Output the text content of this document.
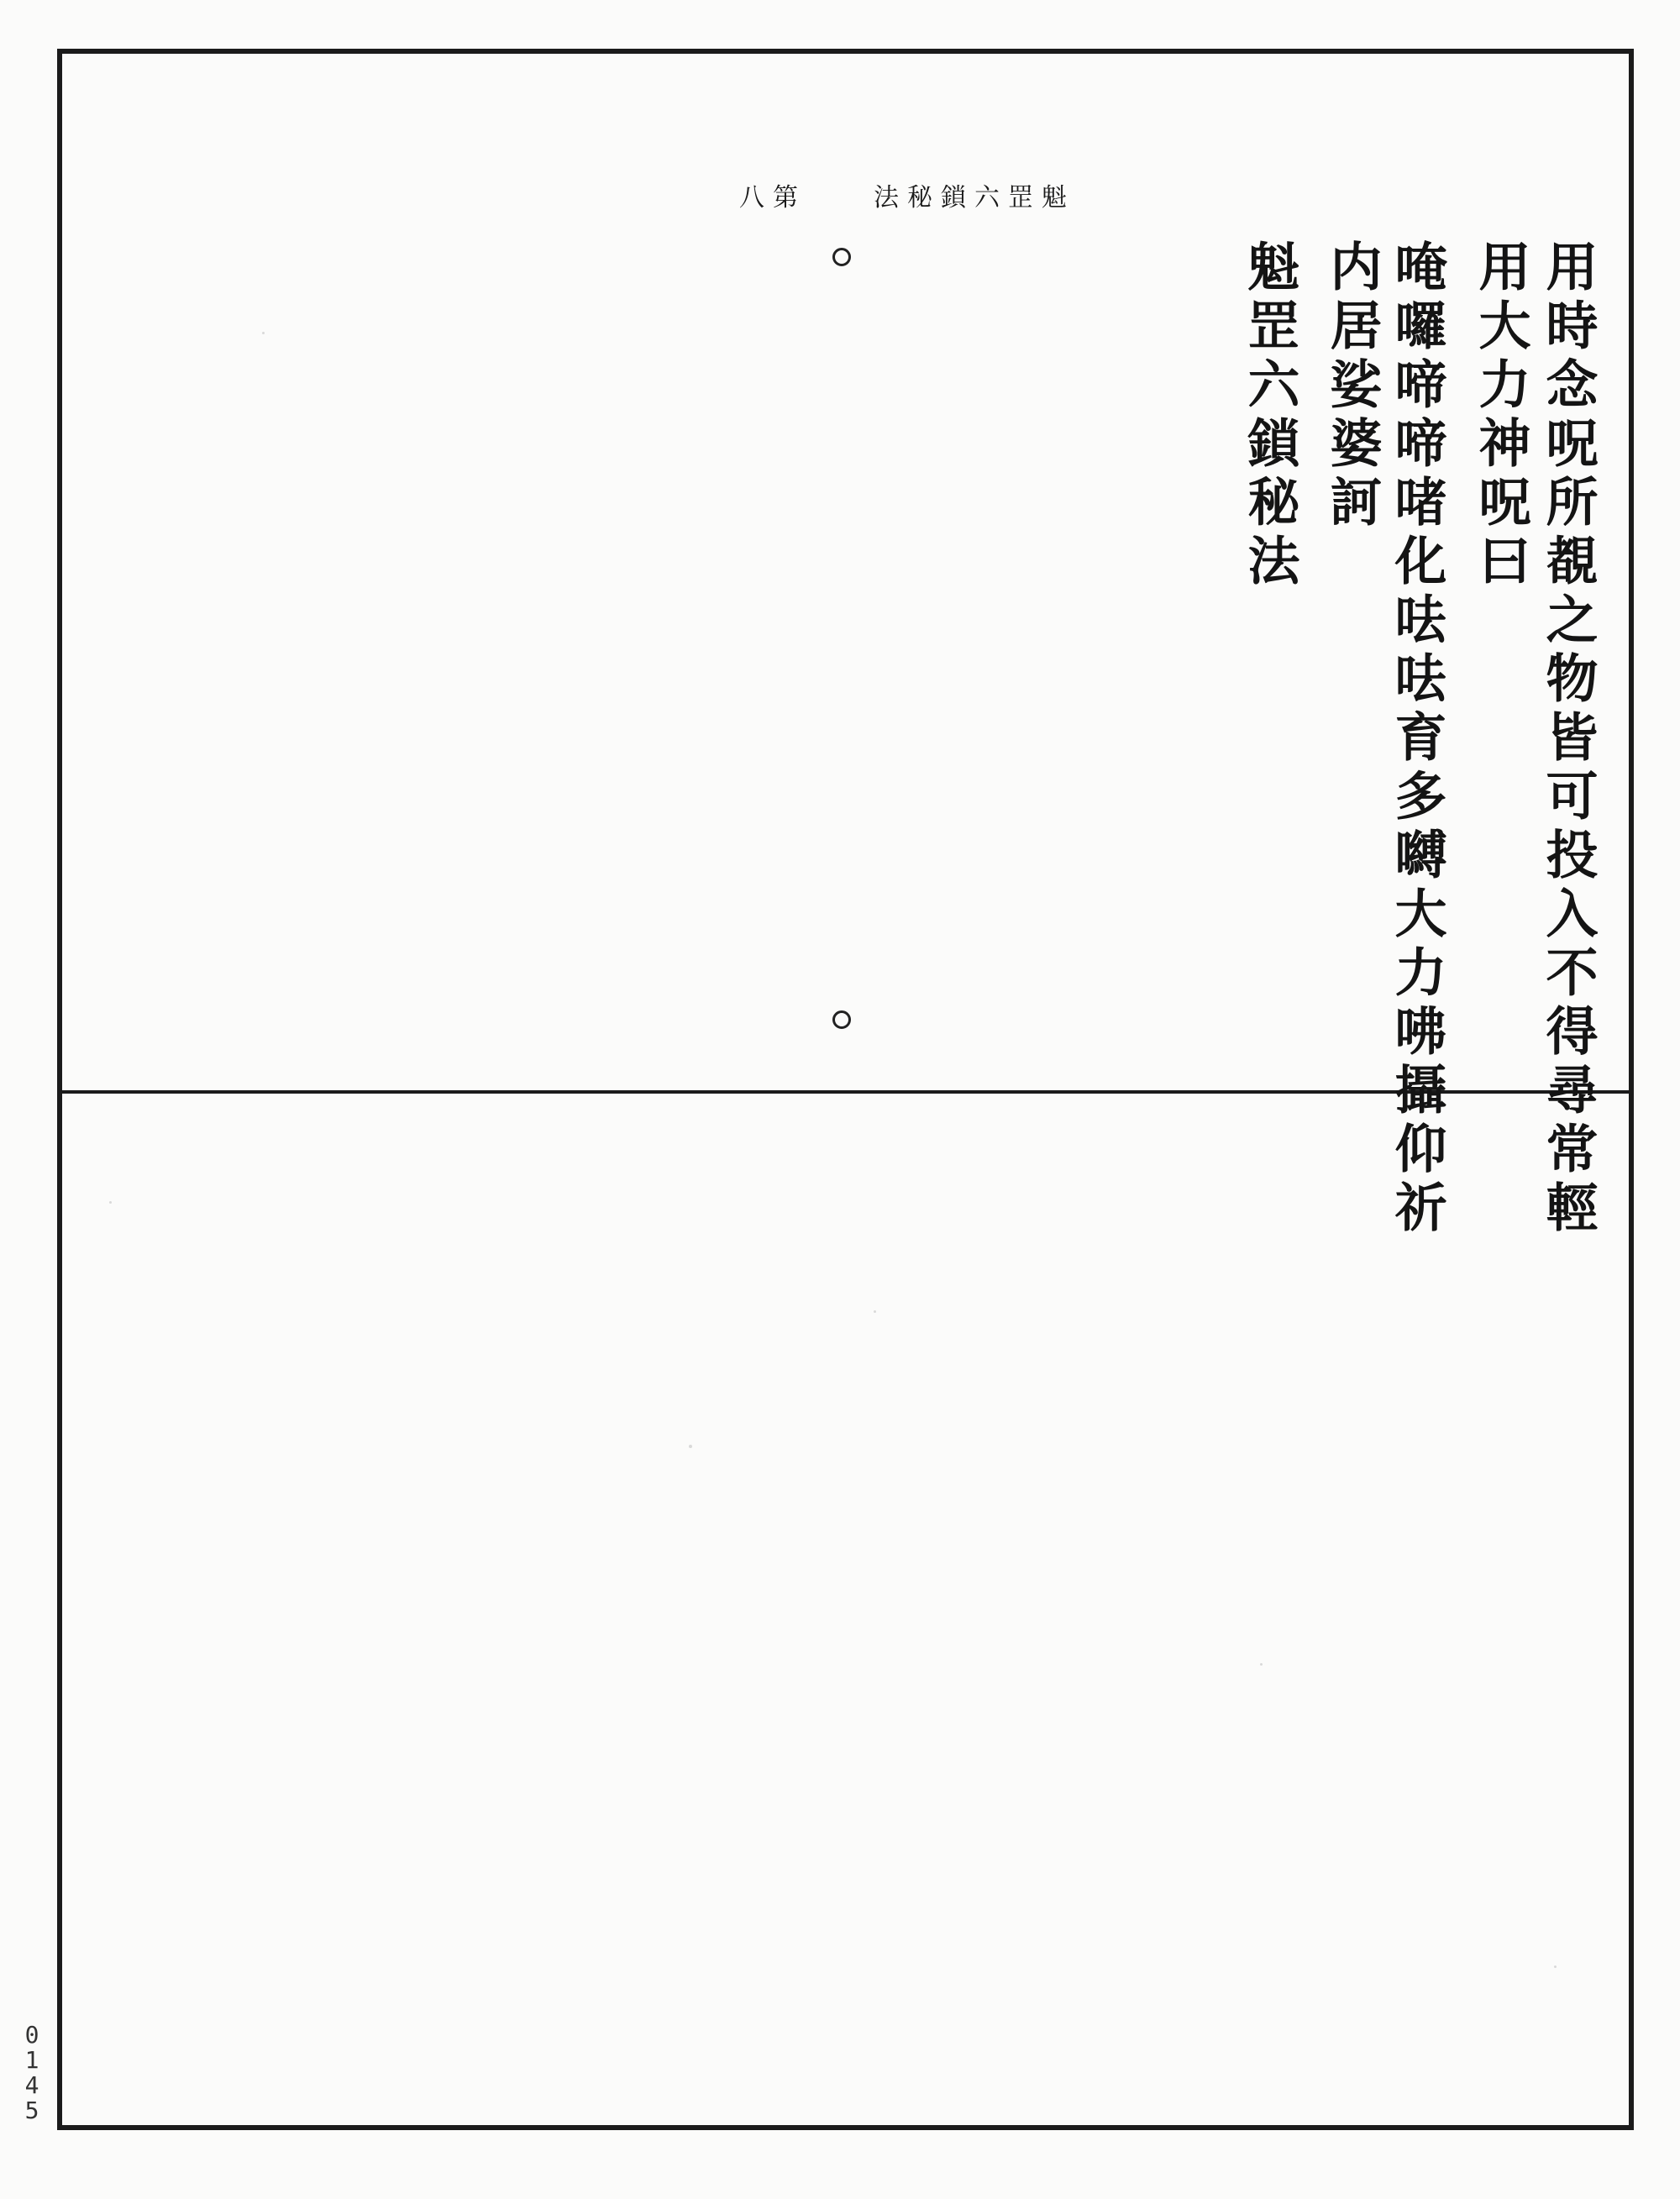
八第	法秘鎖六罡魁
用時念呪所覩之物皆可投入不得尋常輕
用大力神呪曰
唵囉啼啼啫化呿呿育多嚩大力咈攝仰祈
内居娑婆訶
魁罡六鎖秘法
0145
